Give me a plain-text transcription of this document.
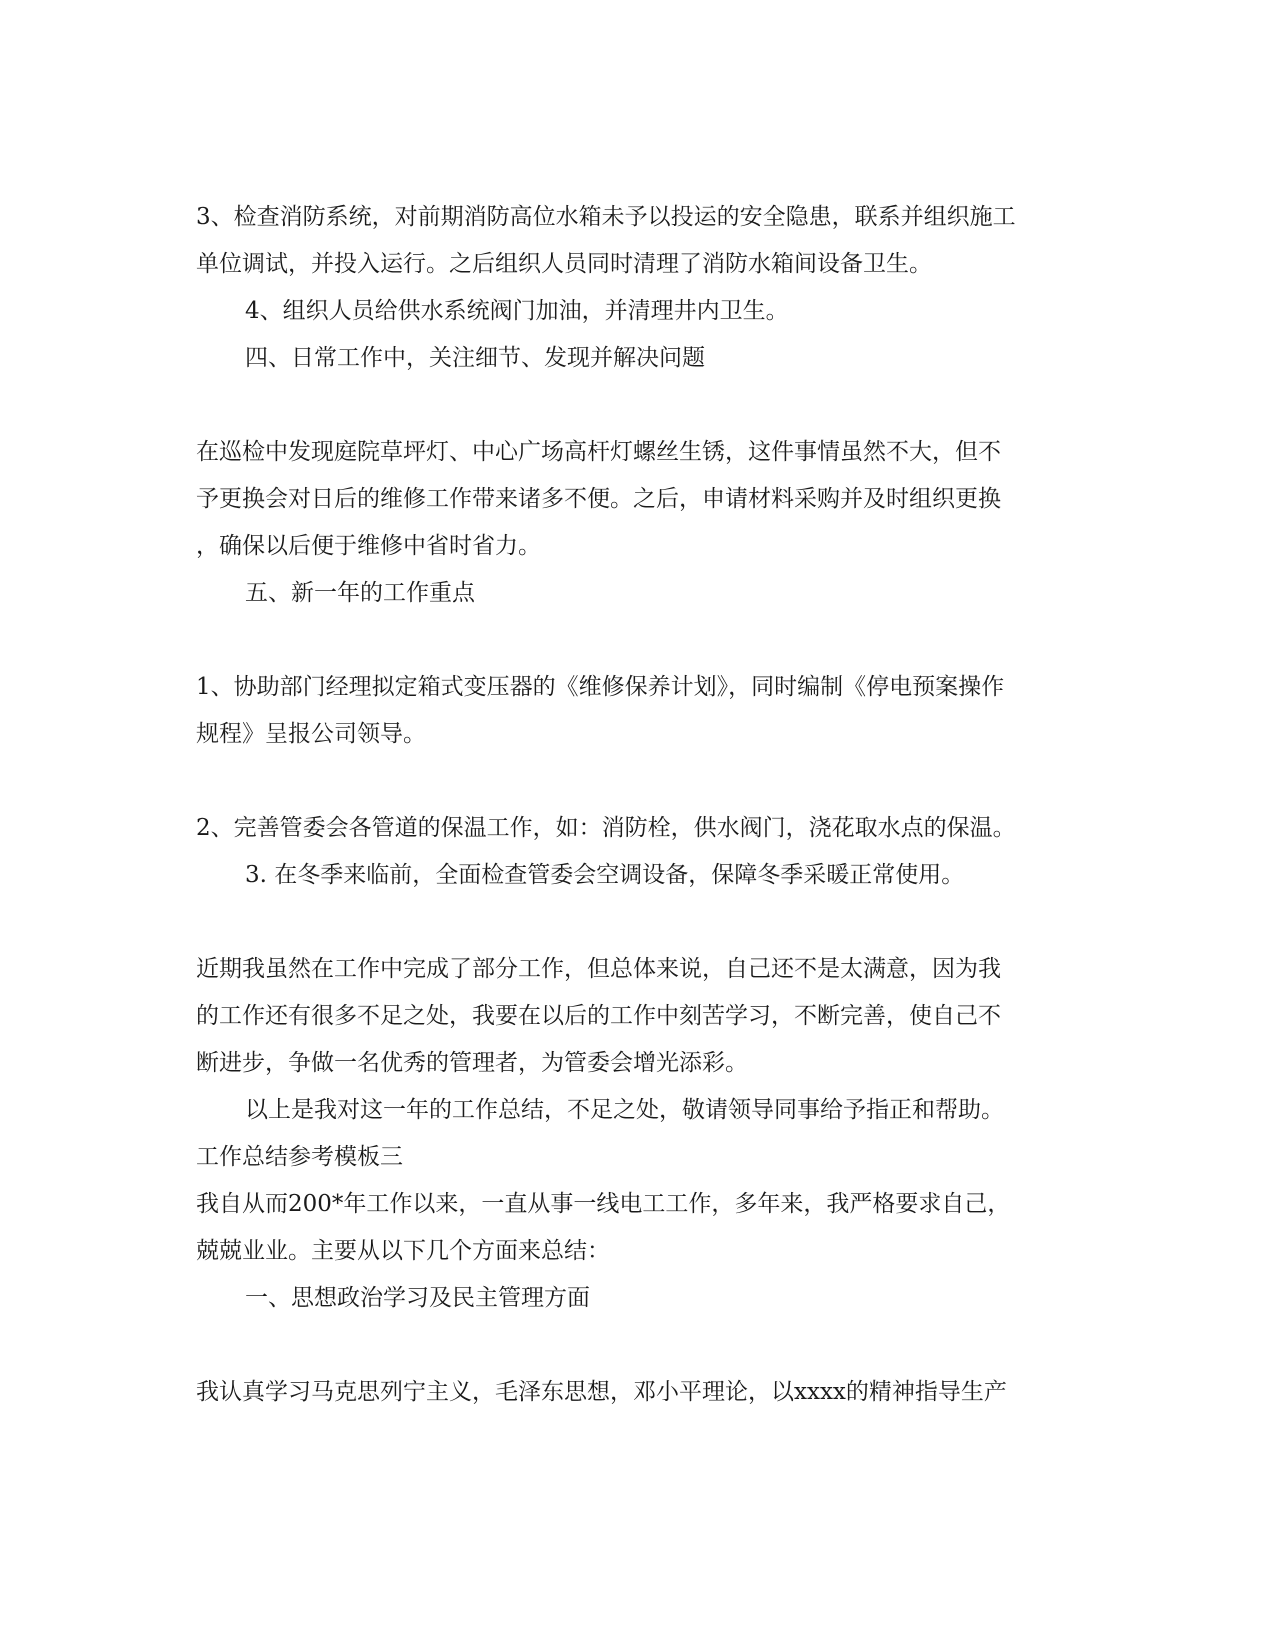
3、检查消防系统，对前期消防高位水箱未予以投运的安全隐患，联系并组织施工
单位调试，并投入运行。之后组织人员同时清理了消防水箱间设备卫生。
4、组织人员给供水系统阀门加油，并清理井内卫生。
四、日常工作中，关注细节、发现并解决问题
在巡检中发现庭院草坪灯、中心广场高杆灯螺丝生锈，这件事情虽然不大，但不
予更换会对日后的维修工作带来诸多不便。之后，申请材料采购并及时组织更换
，确保以后便于维修中省时省力。
五、新一年的工作重点
1、协助部门经理拟定箱式变压器的《维修保养计划》，同时编制《停电预案操作
规程》呈报公司领导。
2、完善管委会各管道的保温工作，如：消防栓，供水阀门，浇花取水点的保温。
3. 在冬季来临前，全面检查管委会空调设备，保障冬季采暖正常使用。
近期我虽然在工作中完成了部分工作，但总体来说，自己还不是太满意，因为我
的工作还有很多不足之处，我要在以后的工作中刻苦学习，不断完善，使自己不
断进步，争做一名优秀的管理者，为管委会增光添彩。
以上是我对这一年的工作总结，不足之处，敬请领导同事给予指正和帮助。
工作总结参考模板三
我自从而200*年工作以来，一直从事一线电工工作，多年来，我严格要求自己，
兢兢业业。主要从以下几个方面来总结：
一、思想政治学习及民主管理方面
我认真学习马克思列宁主义，毛泽东思想，邓小平理论，以xxxx的精神指导生产
